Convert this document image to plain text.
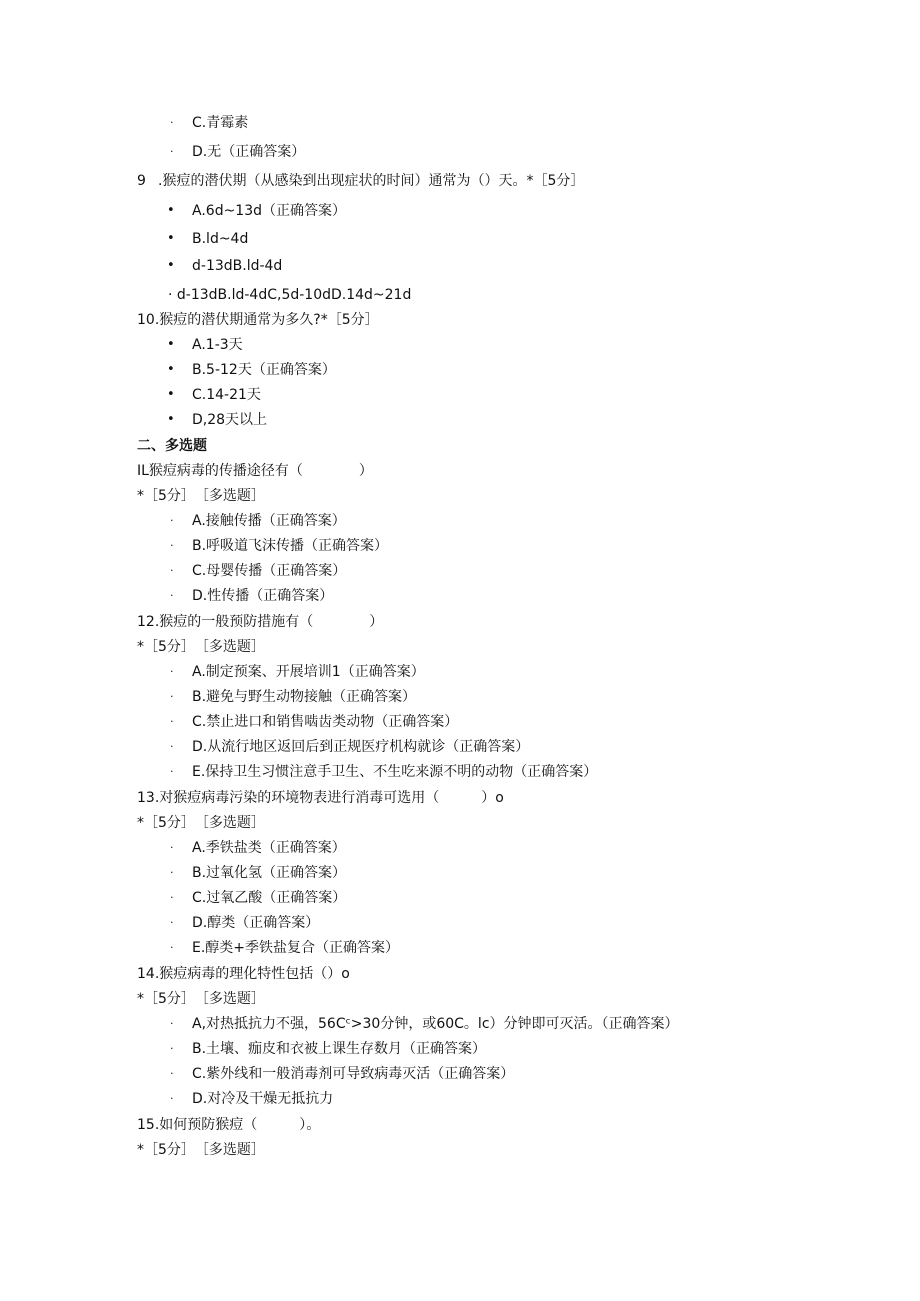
· C.青霉素
· D.无（正确答案）
9 .猴痘的潜伏期（从感染到出现症状的时间）通常为（）天。*［5分］
• A.6d~13d（正确答案）
• B.ld~4d
• d-13dB.ld-4d
· d-13dB.ld-4dC,5d-10dD.14d~21d
10.猴痘的潜伏期通常为多久?*［5分］
• A.1-3天
• B.5-12天（正确答案）
• C.14-21天
• D,28天以上
二、多选题
IL猴痘病毒的传播途径有（　　　　）
*［5分］　［多选题］
· A.接触传播（正确答案）
· B.呼吸道飞沫传播（正确答案）
· C.母婴传播（正确答案）
· D.性传播（正确答案）
12.猴痘的一般预防措施有（　　　　）
*［5分］　［多选题］
· A.制定预案、开展培训1（正确答案）
· B.避免与野生动物接触（正确答案）
· C.禁止进口和销售啮齿类动物（正确答案）
· D.从流行地区返回后到正规医疗机构就诊（正确答案）
· E.保持卫生习惯注意手卫生、不生吃来源不明的动物（正确答案）
13.对猴痘病毒污染的环境物表进行消毒可选用（　　　）o
*［5分］　［多选题］
· A.季铁盐类（正确答案）
· B.过氧化氢（正确答案）
· C.过氧乙酸（正确答案）
· D.醇类（正确答案）
· E.醇类+季铁盐复合（正确答案）
14.猴痘病毒的理化特性包括（）o
*［5分］　［多选题］
· A,对热抵抗力不强，56Cᶜ>30分钟，或60C。lc）分钟即可灭活。（正确答案）
· B.土壤、痂皮和衣被上课生存数月（正确答案）
· C.紫外线和一般消毒剂可导致病毒灭活（正确答案）
· D.对冷及干燥无抵抗力
15.如何预防猴痘（　　　）。
*［5分］　［多选题］
